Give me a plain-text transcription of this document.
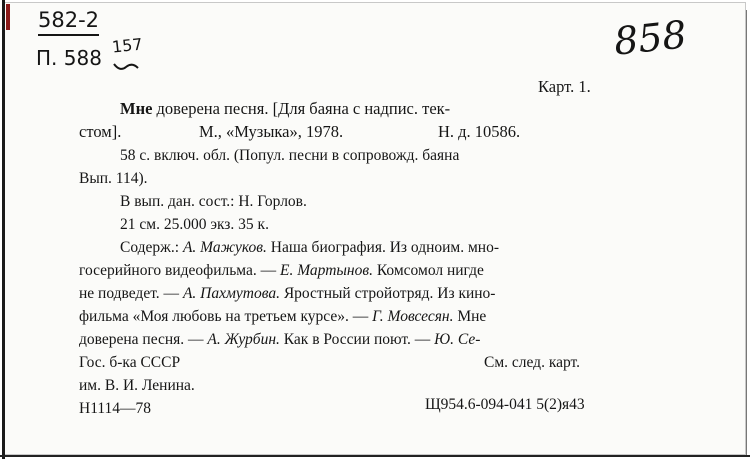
582-2
П. 588
157	858
Карт. 1.
Мне доверена песня. [Для баяна с надпис. тек-
стом].	М., «Музыка», 1978.	Н. д. 10586.
58 с. включ. обл. (Попул. песни в сопровожд. баяна
Вып. 114).
В вып. дан. сост.: Н. Горлов.
21 см. 25.000 экз. 35 к.
Содерж.: А. Мажуков. Наша биография. Из одноим. мно-
госерийного видеофильма. — Е. Мартынов. Комсомол нигде
не подведет. — А. Пахмутова. Яростный стройотряд. Из кино-
фильма «Моя любовь на третьем курсе». — Г. Мовсесян. Мне
доверена песня. — А. Журбин. Как в России поют. — Ю. Се-
Гос. б-ка СССР	См. след. карт.
им. В. И. Ленина.
Н1114—78	Щ954.6-094-041 5(2)я43
